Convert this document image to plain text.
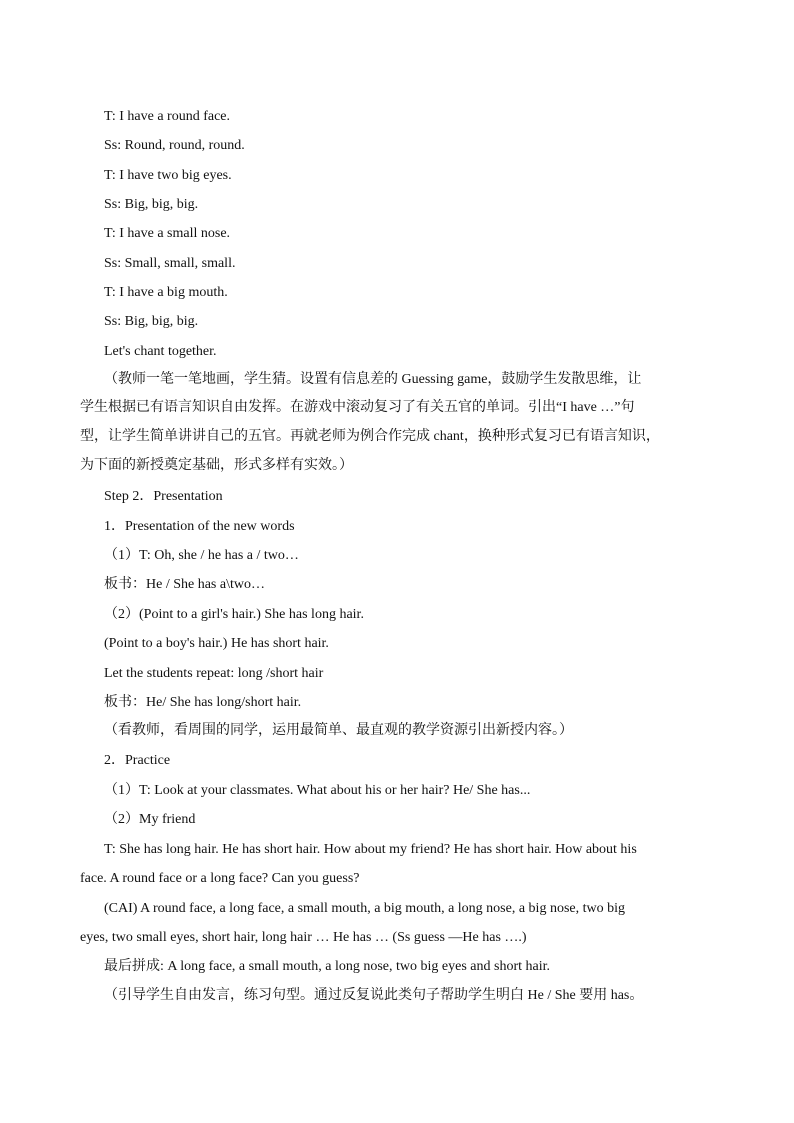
T: I have a round face.
Ss: Round, round, round.
T: I have two big eyes.
Ss: Big, big, big.
T: I have a small nose.
Ss: Small, small, small.
T: I have a big mouth.
Ss: Big, big, big.
Let's chant together.
（教师一笔一笔地画，学生猜。设置有信息差的 Guessing game，鼓励学生发散思维，让
学生根据已有语言知识自由发挥。在游戏中滚动复习了有关五官的单词。引出“I have …”句
型，让学生简单讲讲自己的五官。再就老师为例合作完成 chant，换种形式复习已有语言知识，
为下面的新授奠定基础，形式多样有实效。）
Step 2．Presentation
1．Presentation of the new words
（1）T: Oh, she / he has a / two…
板书：He / She has a\two…
（2）(Point to a girl's hair.) She has long hair.
(Point to a boy's hair.) He has short hair.
Let the students repeat: long /short hair
板书：He/ She has long/short hair.
（看教师，看周围的同学，运用最简单、最直观的教学资源引出新授内容。）
2．Practice
（1）T: Look at your classmates. What about his or her hair? He/ She has...
（2）My friend
T: She has long hair. He has short hair. How about my friend? He has short hair. How about his
face. A round face or a long face? Can you guess?
(CAI) A round face, a long face, a small mouth, a big mouth, a long nose, a big nose, two big
eyes, two small eyes, short hair, long hair … He has … (Ss guess —He has ….)
最后拼成: A long face, a small mouth, a long nose, two big eyes and short hair.
（引导学生自由发言，练习句型。通过反复说此类句子帮助学生明白 He / She 要用 has。
